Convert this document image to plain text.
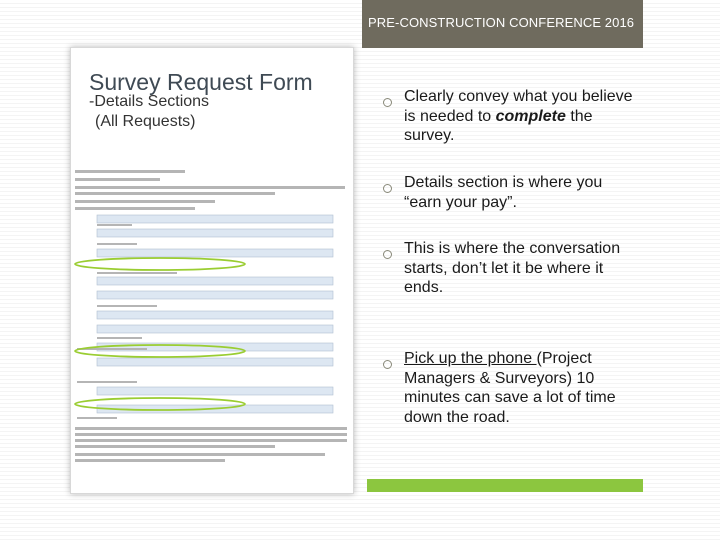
PRE-CONSTRUCTION CONFERENCE 2016
Survey Request Form
-Details Sections
(All Requests)
Clearly convey what you believe is needed to complete the survey.
Details section is where you “earn your pay”.
This is where the conversation starts, don’t let it be where it ends.
Pick up the phone (Project Managers & Surveyors) 10 minutes can save a lot of time down the road.
